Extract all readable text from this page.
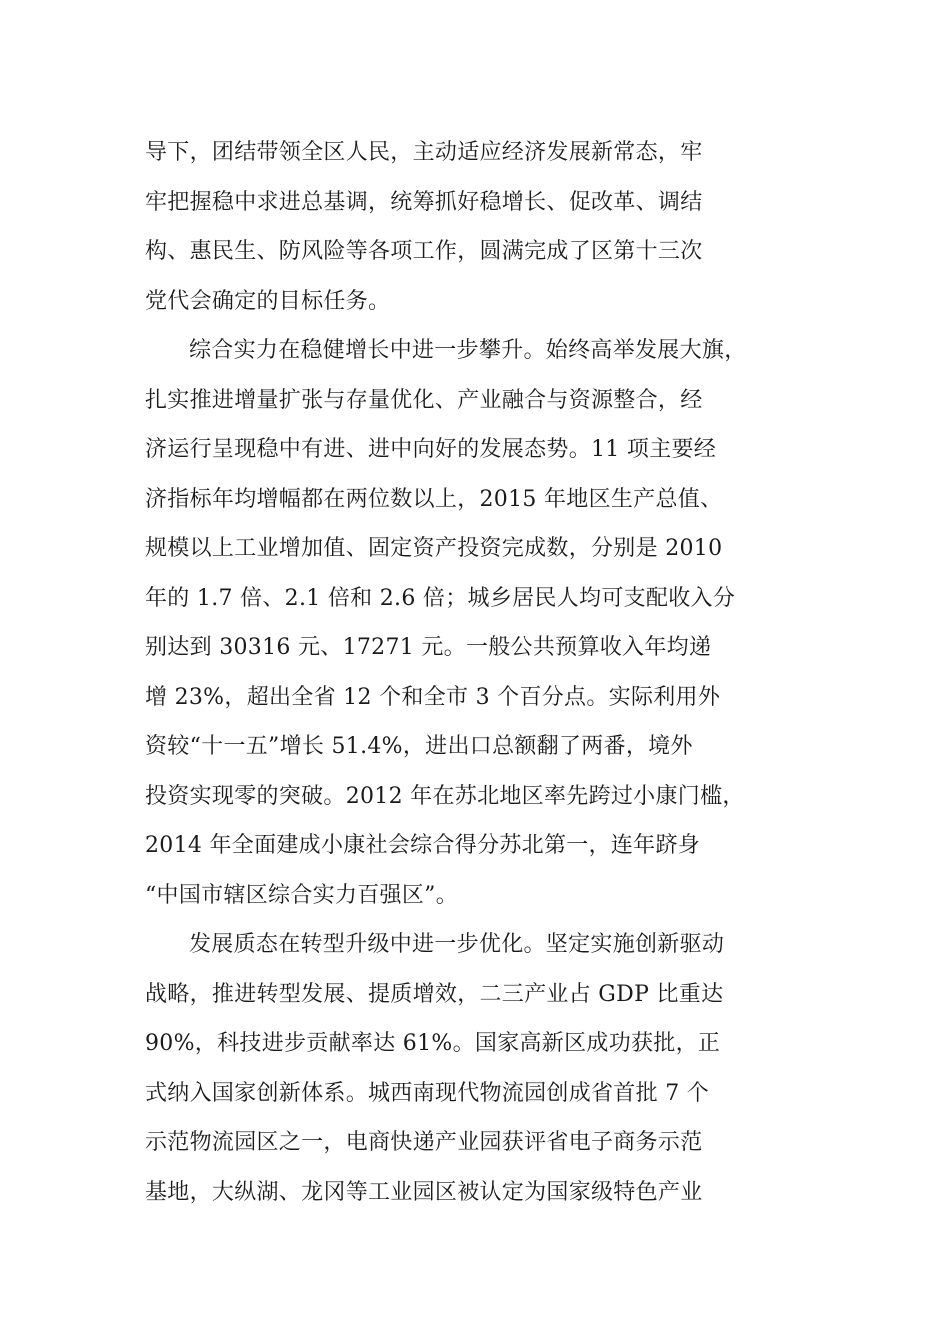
导下，团结带领全区人民，主动适应经济发展新常态，牢
牢把握稳中求进总基调，统筹抓好稳增长、促改革、调结
构、惠民生、防风险等各项工作，圆满完成了区第十三次
党代会确定的目标任务。
综合实力在稳健增长中进一步攀升。始终高举发展大旗，
扎实推进增量扩张与存量优化、产业融合与资源整合，经
济运行呈现稳中有进、进中向好的发展态势。11 项主要经
济指标年均增幅都在两位数以上，2015 年地区生产总值、
规模以上工业增加值、固定资产投资完成数，分别是 2010
年的 1.7 倍、2.1 倍和 2.6 倍；城乡居民人均可支配收入分
别达到 30316 元、17271 元。一般公共预算收入年均递
增 23%，超出全省 12 个和全市 3 个百分点。实际利用外
资较“十一五”增长 51.4%，进出口总额翻了两番，境外
投资实现零的突破。2012 年在苏北地区率先跨过小康门槛，
2014 年全面建成小康社会综合得分苏北第一，连年跻身
“中国市辖区综合实力百强区”。
发展质态在转型升级中进一步优化。坚定实施创新驱动
战略，推进转型发展、提质增效，二三产业占 GDP 比重达
90%，科技进步贡献率达 61%。国家高新区成功获批，正
式纳入国家创新体系。城西南现代物流园创成省首批 7 个
示范物流园区之一，电商快递产业园获评省电子商务示范
基地，大纵湖、龙冈等工业园区被认定为国家级特色产业
